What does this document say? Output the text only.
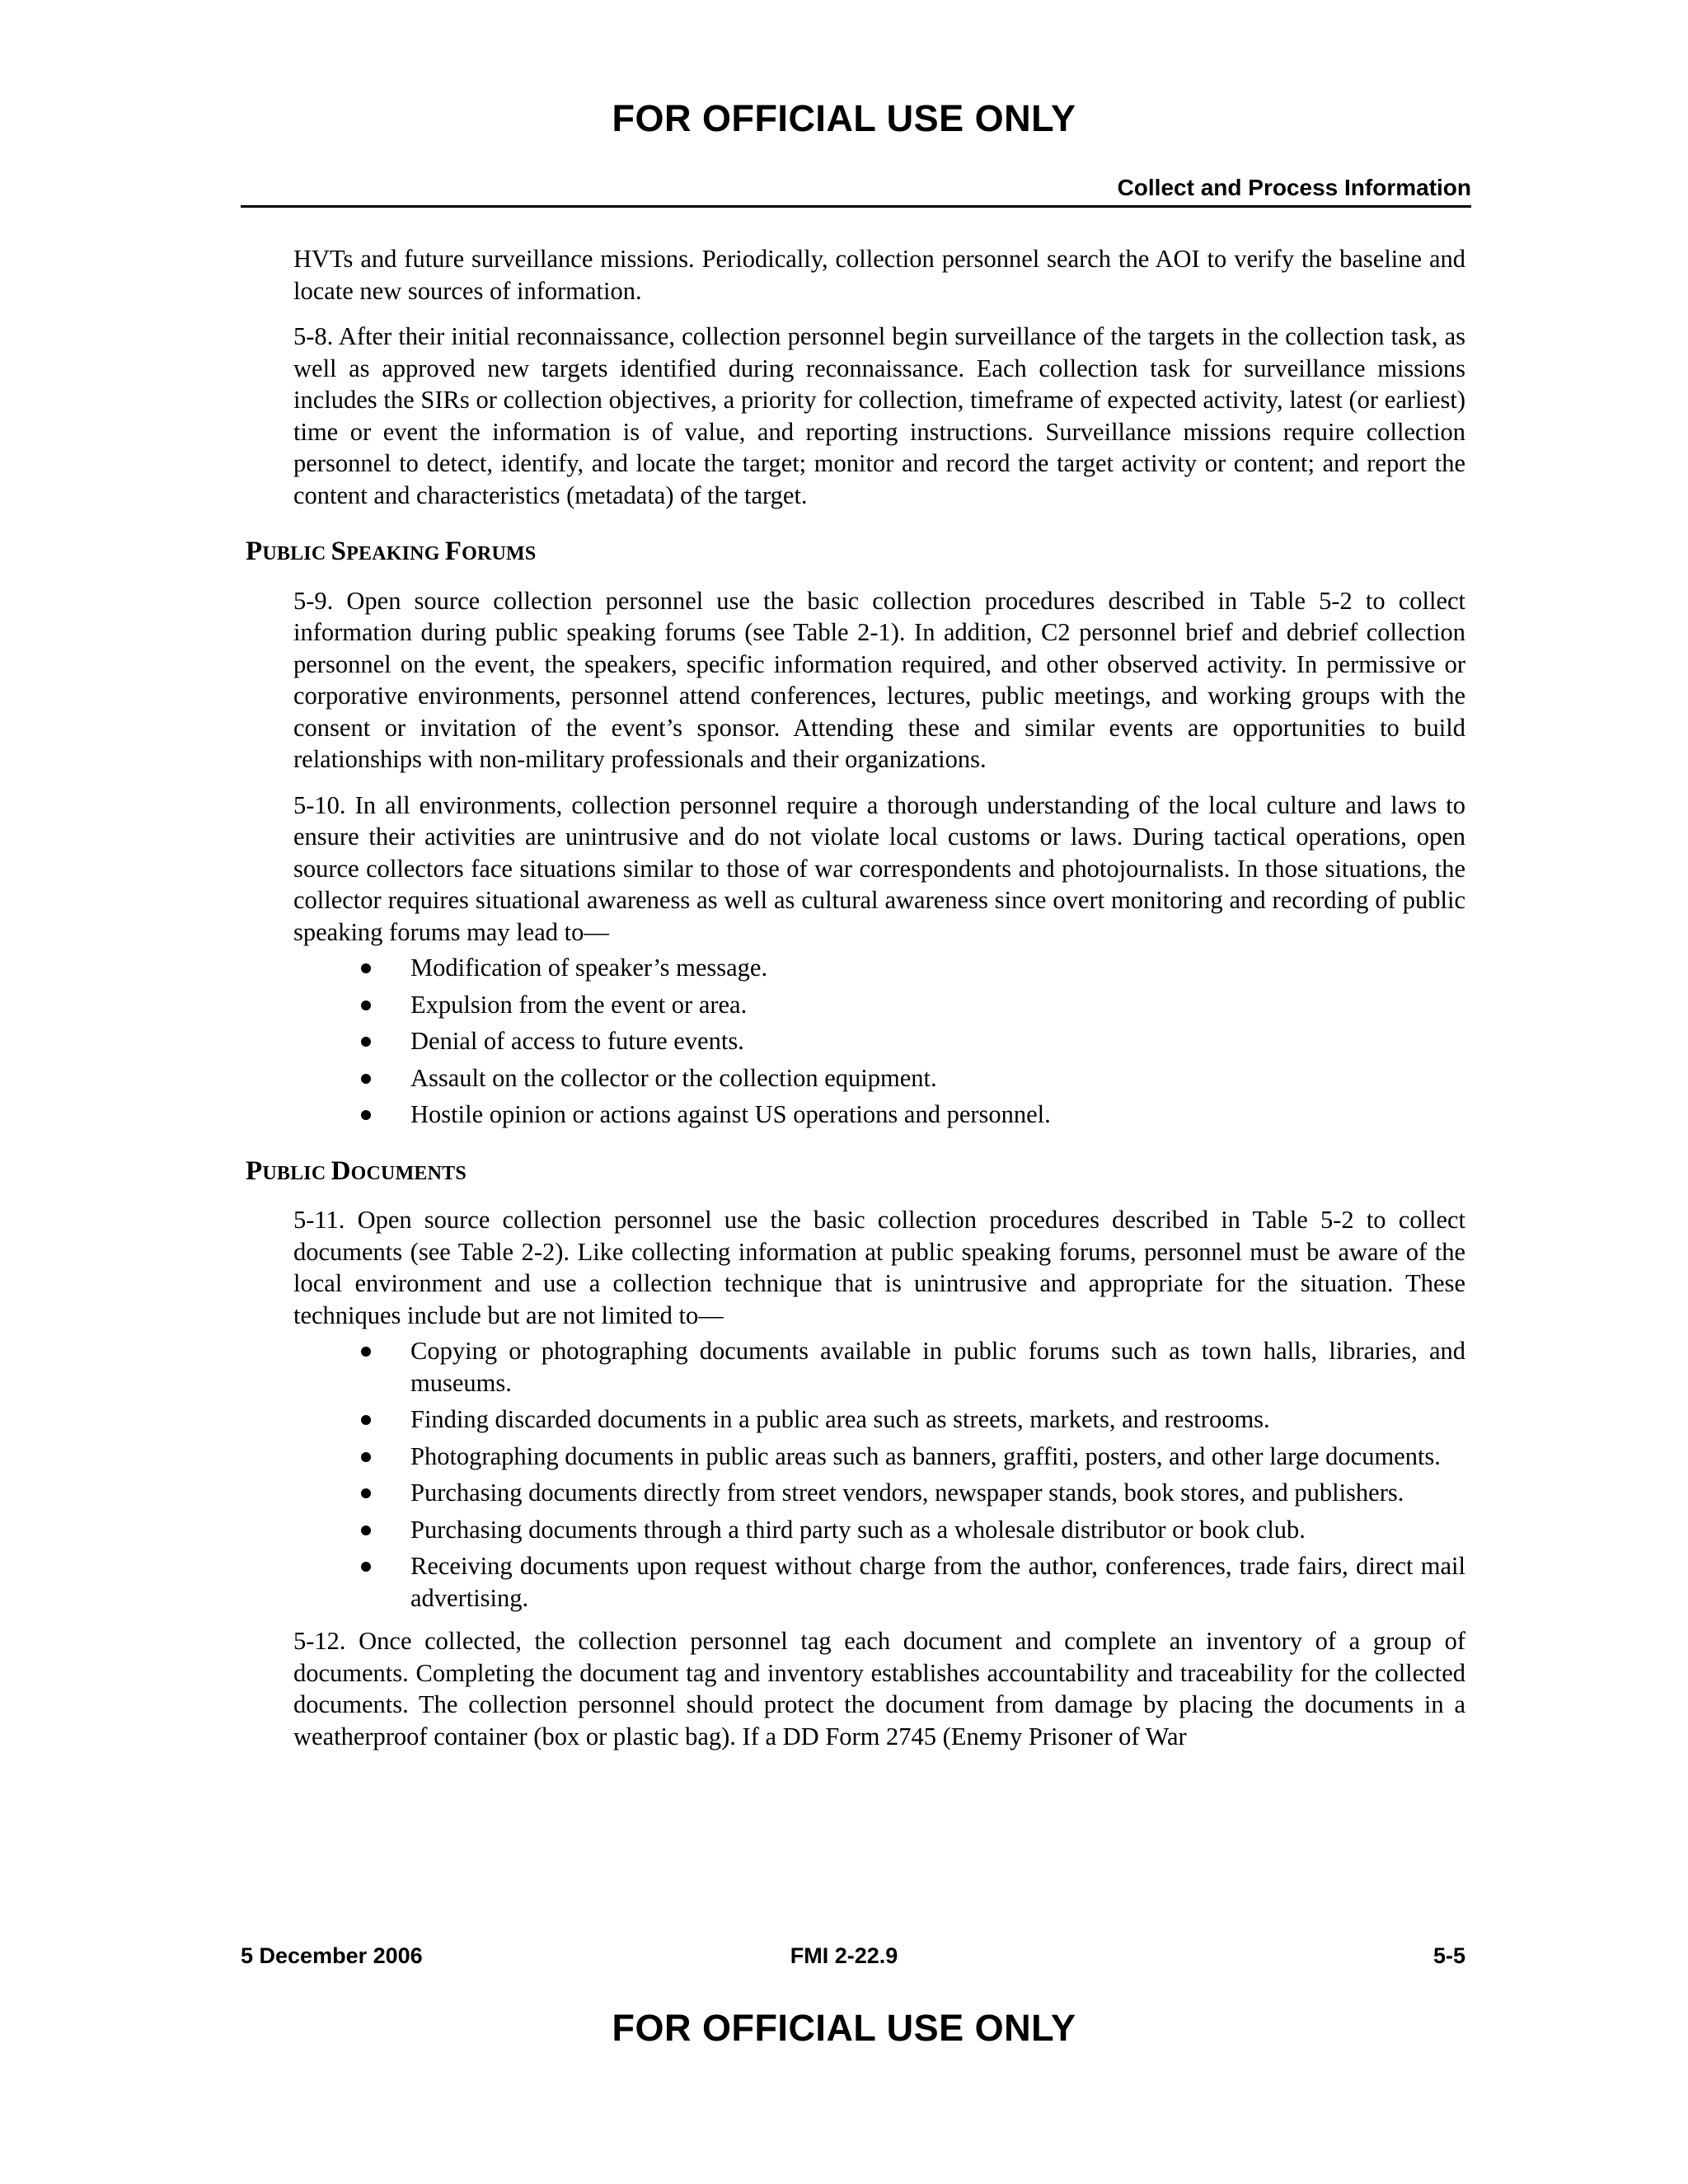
FOR OFFICIAL USE ONLY
Collect and Process Information

HVTs and future surveillance missions. Periodically, collection personnel search the AOI to verify the baseline and locate new sources of information.

5-8. After their initial reconnaissance, collection personnel begin surveillance of the targets in the collection task, as well as approved new targets identified during reconnaissance. Each collection task for surveillance missions includes the SIRs or collection objectives, a priority for collection, timeframe of expected activity, latest (or earliest) time or event the information is of value, and reporting instructions. Surveillance missions require collection personnel to detect, identify, and locate the target; monitor and record the target activity or content; and report the content and characteristics (metadata) of the target.

PUBLIC SPEAKING FORUMS

5-9. Open source collection personnel use the basic collection procedures described in Table 5-2 to collect information during public speaking forums (see Table 2-1). In addition, C2 personnel brief and debrief collection personnel on the event, the speakers, specific information required, and other observed activity. In permissive or corporative environments, personnel attend conferences, lectures, public meetings, and working groups with the consent or invitation of the event’s sponsor. Attending these and similar events are opportunities to build relationships with non-military professionals and their organizations.

5-10. In all environments, collection personnel require a thorough understanding of the local culture and laws to ensure their activities are unintrusive and do not violate local customs or laws. During tactical operations, open source collectors face situations similar to those of war correspondents and photojournalists. In those situations, the collector requires situational awareness as well as cultural awareness since overt monitoring and recording of public speaking forums may lead to—

Modification of speaker’s message.
Expulsion from the event or area.
Denial of access to future events.
Assault on the collector or the collection equipment.
Hostile opinion or actions against US operations and personnel.
PUBLIC DOCUMENTS

5-11. Open source collection personnel use the basic collection procedures described in Table 5-2 to collect documents (see Table 2-2). Like collecting information at public speaking forums, personnel must be aware of the local environment and use a collection technique that is unintrusive and appropriate for the situation. These techniques include but are not limited to—

Copying or photographing documents available in public forums such as town halls, libraries, and museums.
Finding discarded documents in a public area such as streets, markets, and restrooms.
Photographing documents in public areas such as banners, graffiti, posters, and other large documents.
Purchasing documents directly from street vendors, newspaper stands, book stores, and publishers.
Purchasing documents through a third party such as a wholesale distributor or book club.
Receiving documents upon request without charge from the author, conferences, trade fairs, direct mail advertising.

5-12. Once collected, the collection personnel tag each document and complete an inventory of a group of documents. Completing the document tag and inventory establishes accountability and traceability for the collected documents. The collection personnel should protect the document from damage by placing the documents in a weatherproof container (box or plastic bag). If a DD Form 2745 (Enemy Prisoner of War

5 December 2006	FMI 2-22.9	5-5
FOR OFFICIAL USE ONLY
